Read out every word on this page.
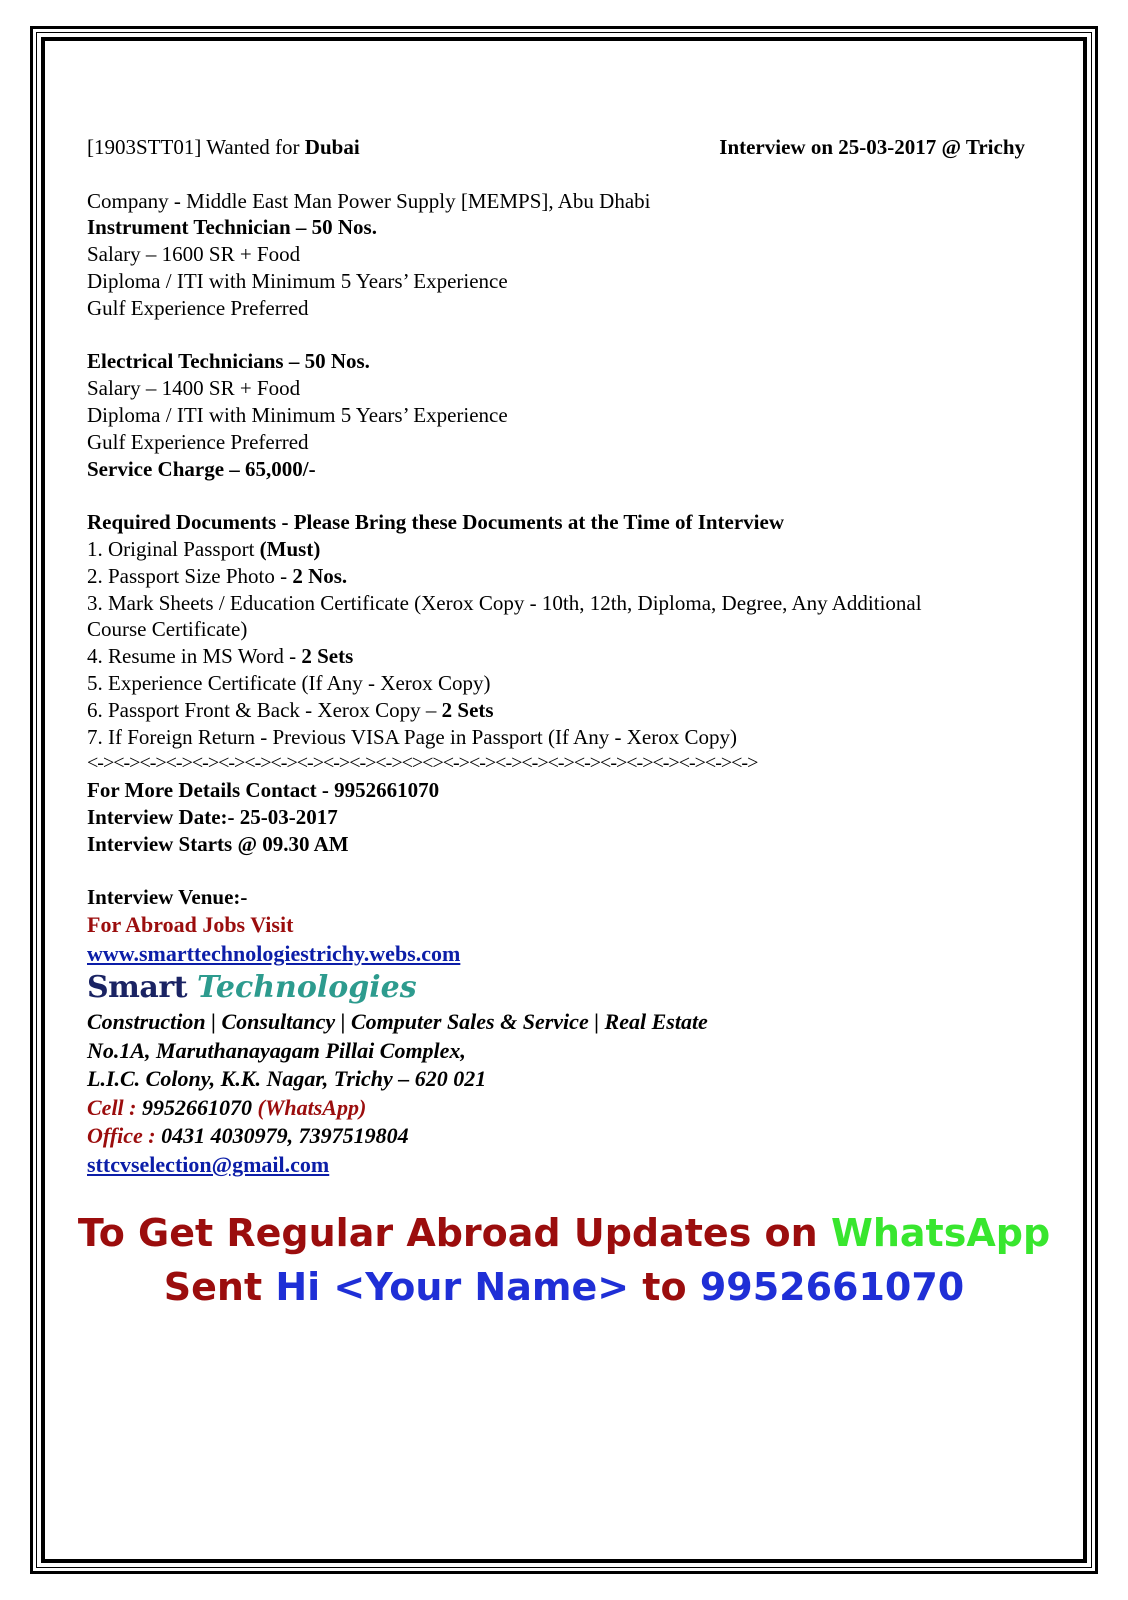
[1903STT01] Wanted for Dubai	Interview on 25-03-2017 @ Trichy
Company - Middle East Man Power Supply [MEMPS], Abu Dhabi
Instrument Technician – 50 Nos.
Salary – 1600 SR + Food
Diploma / ITI with Minimum 5 Years’ Experience
Gulf Experience Preferred
Electrical Technicians – 50 Nos.
Salary – 1400 SR + Food
Diploma / ITI with Minimum 5 Years’ Experience
Gulf Experience Preferred
Service Charge – 65,000/-
Required Documents - Please Bring these Documents at the Time of Interview
1. Original Passport (Must)
2. Passport Size Photo - 2 Nos.
3. Mark Sheets / Education Certificate (Xerox Copy - 10th, 12th, Diploma, Degree, Any Additional
Course Certificate)
4. Resume in MS Word - 2 Sets
5. Experience Certificate (If Any - Xerox Copy)
6. Passport Front & Back - Xerox Copy – 2 Sets
7. If Foreign Return - Previous VISA Page in Passport (If Any - Xerox Copy)
<-><-><-><-><-><-><-><-><-><-><-><-><><><-><-><-><-><-><-><-><-><-><-><-><->
For More Details Contact - 9952661070
Interview Date:- 25-03-2017
Interview Starts @ 09.30 AM
Interview Venue:-
For Abroad Jobs Visit
www.smarttechnologiestrichy.webs.com
Smart Technologies
Construction | Consultancy | Computer Sales & Service | Real Estate
No.1A, Maruthanayagam Pillai Complex,
L.I.C. Colony, K.K. Nagar, Trichy – 620 021
Cell : 9952661070 (WhatsApp)
Office : 0431 4030979, 7397519804
sttcvselection@gmail.com
To Get Regular Abroad Updates on WhatsApp
Sent Hi <Your Name> to 9952661070
